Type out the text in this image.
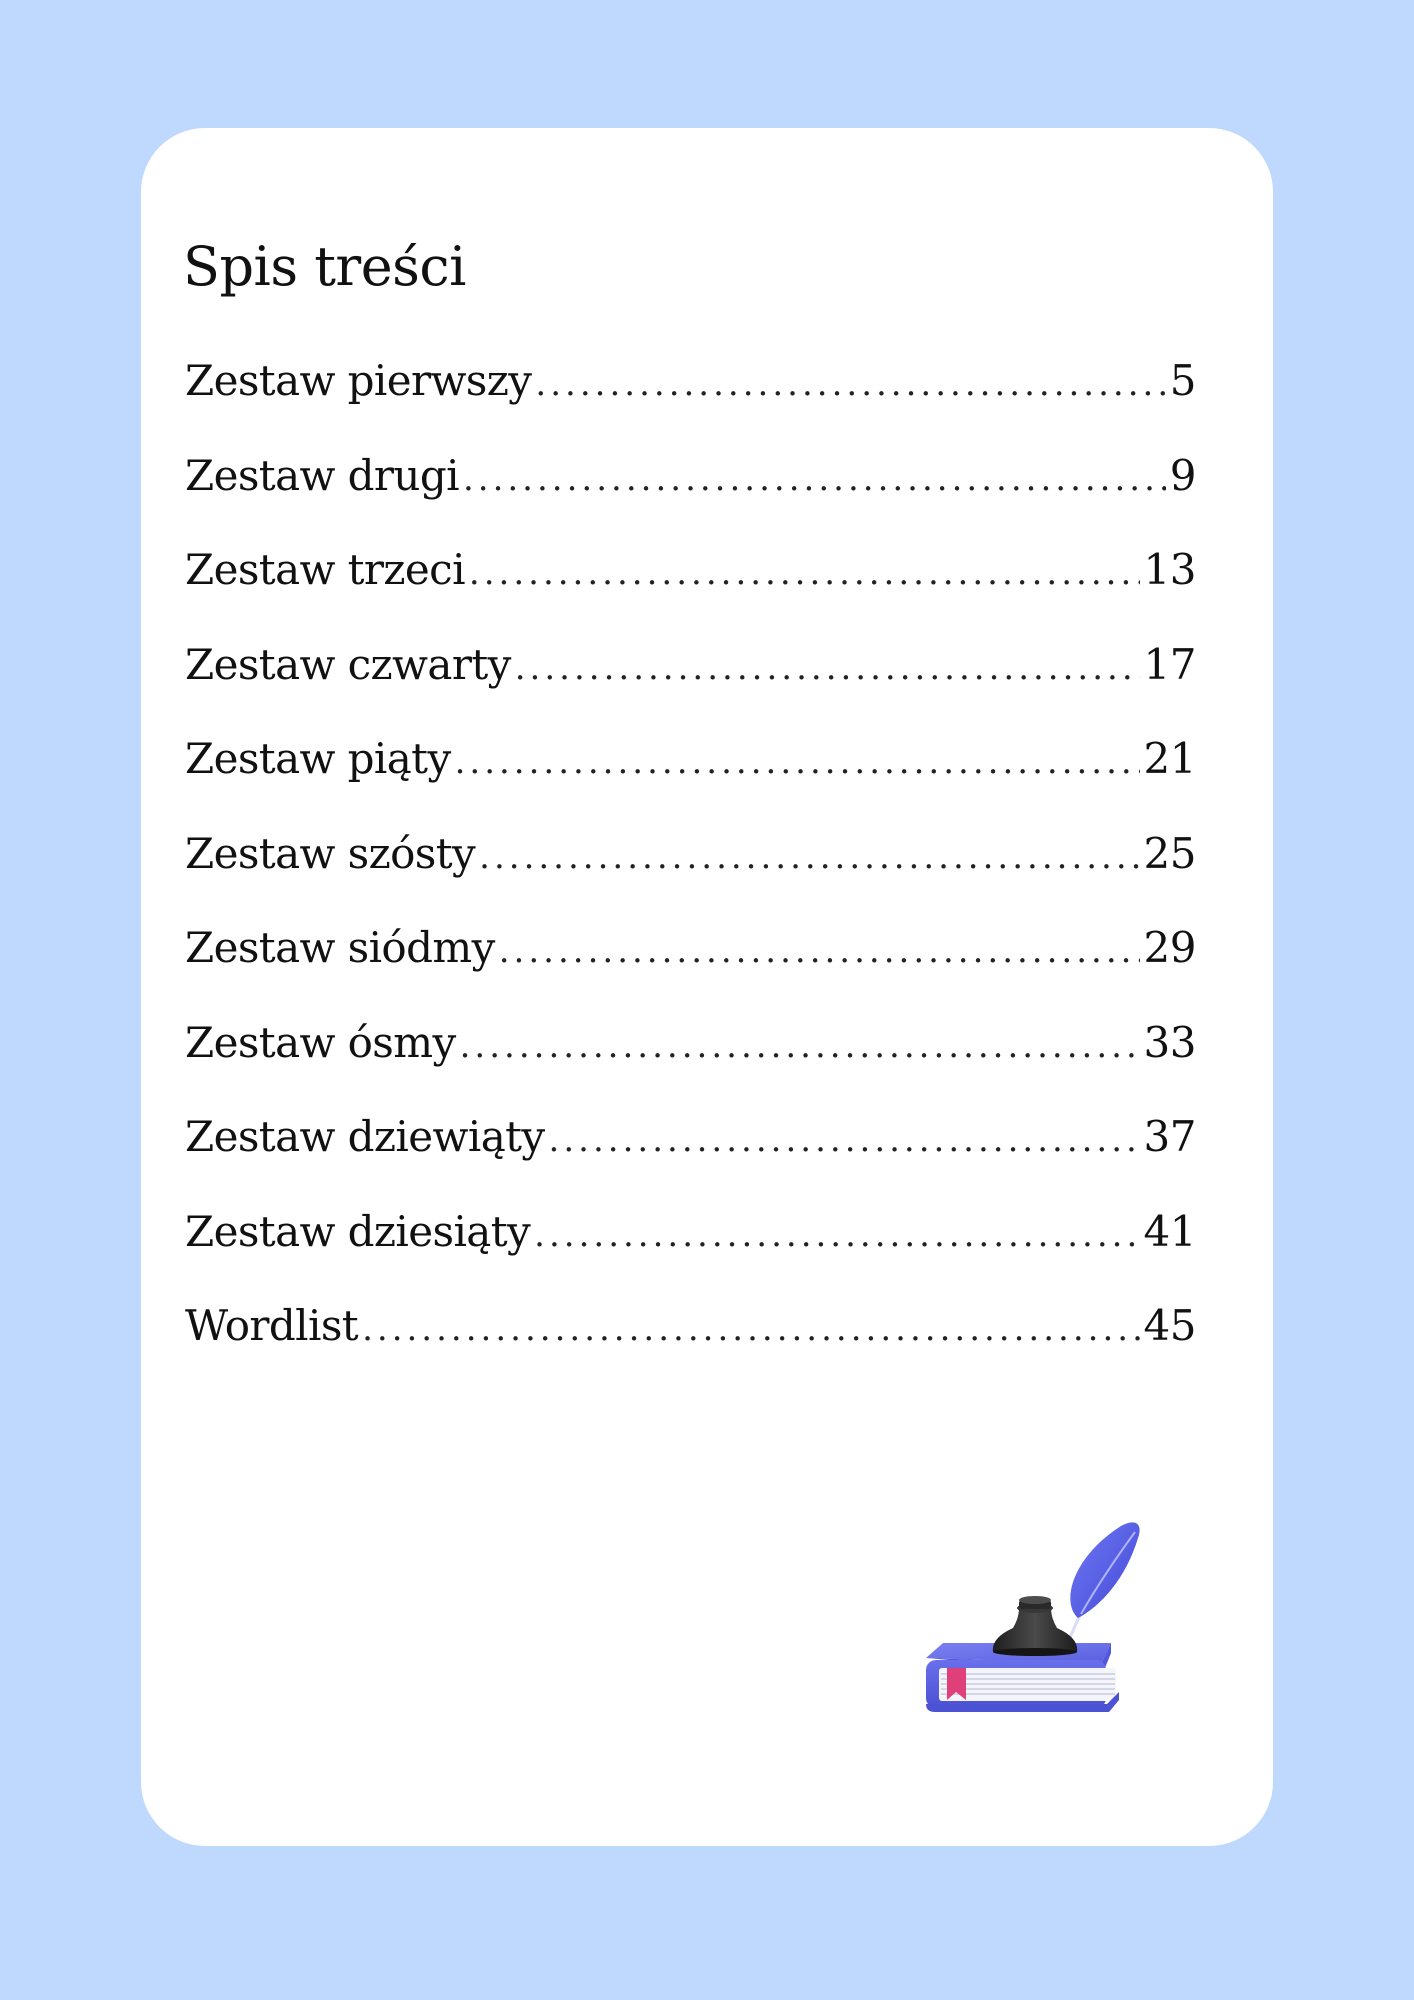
Spis treści
Zestaw pierwszy .....	5
Zestaw drugi .....	9
Zestaw trzeci .....	13
Zestaw czwarty .....	17
Zestaw piąty .....	21
Zestaw szósty .....	25
Zestaw siódmy .....	29
Zestaw ósmy .....	33
Zestaw dziewiąty .....	37
Zestaw dziesiąty .....	41
Wordlist .....	45
